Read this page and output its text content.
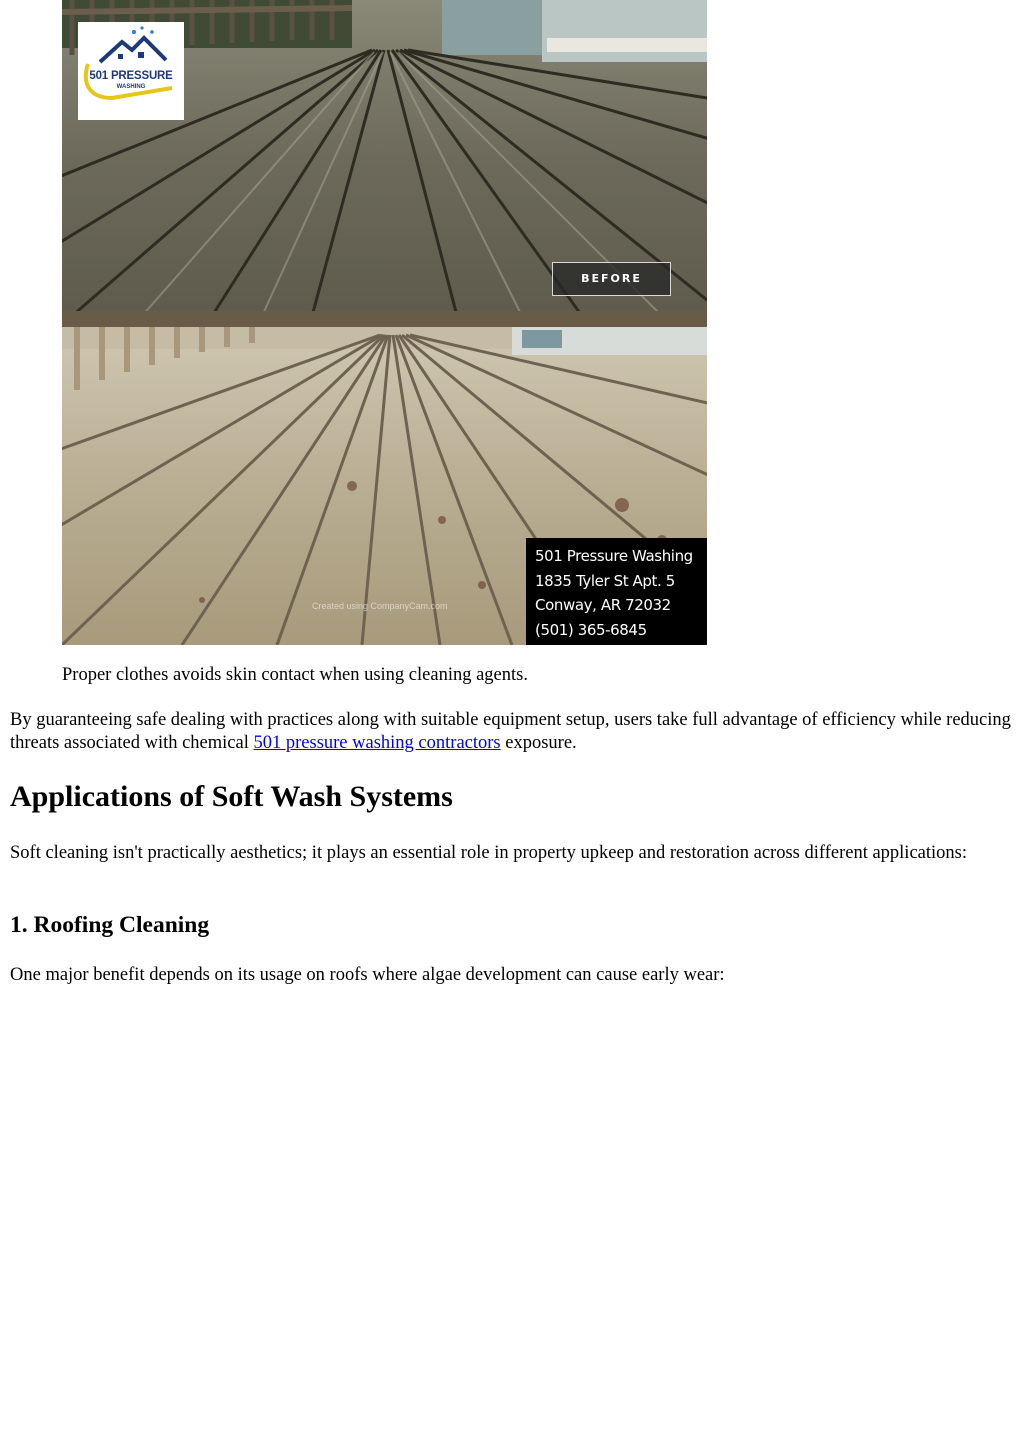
501 PRESSURE
WASHING
BEFORE
Created using CompanyCam.com
501 Pressure Washing
1835 Tyler St Apt. 5
Conway, AR 72032
(501) 365-6845
Proper clothes avoids skin contact when using cleaning agents.

By guaranteeing safe dealing with practices along with suitable equipment setup, users take full advantage of efficiency while reducing threats associated with chemical 501 pressure washing contractors exposure.

Applications of Soft Wash Systems

Soft cleaning isn't practically aesthetics; it plays an essential role in property upkeep and restoration across different applications:

1. Roofing Cleaning

One major benefit depends on its usage on roofs where algae development can cause early wear:
